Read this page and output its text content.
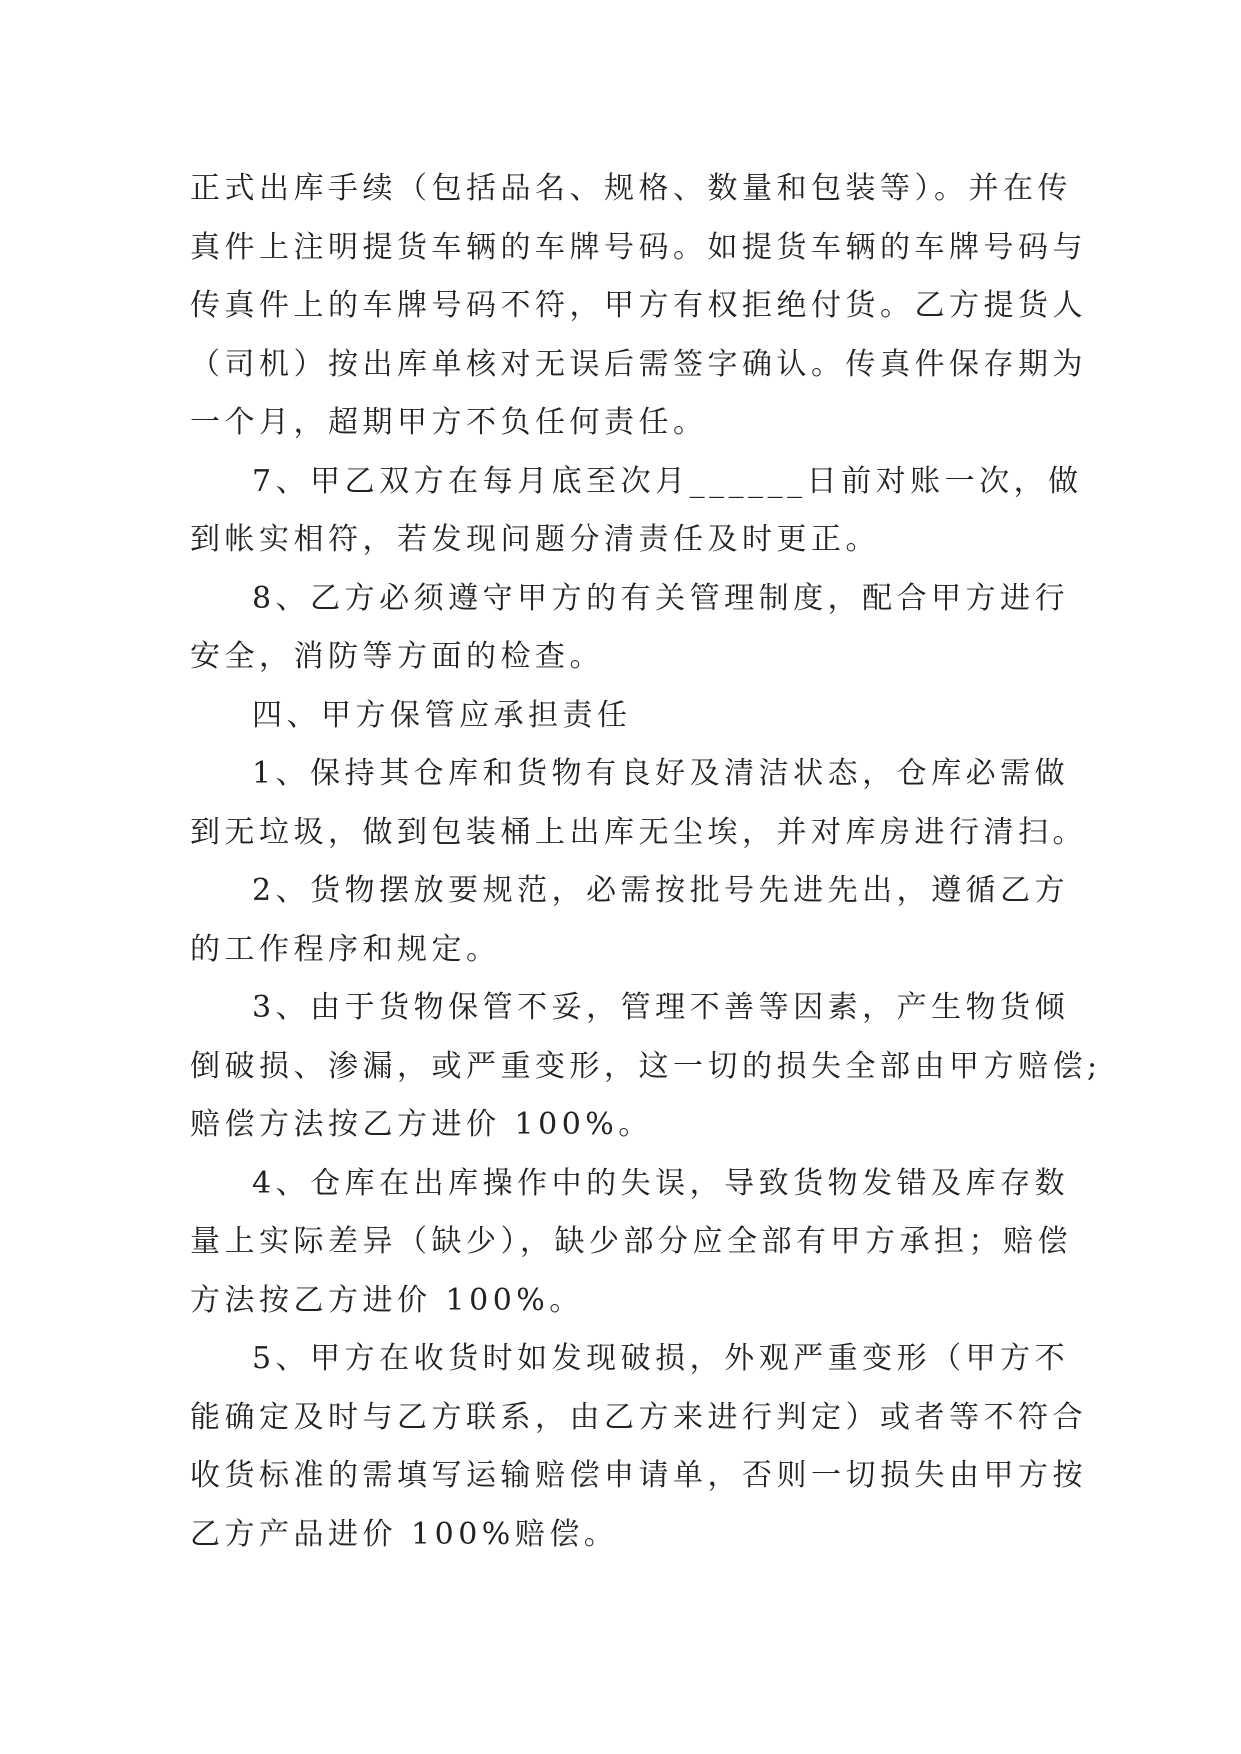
正式出库手续（包括品名、规格、数量和包装等）。并在传
真件上注明提货车辆的车牌号码。如提货车辆的车牌号码与
传真件上的车牌号码不符，甲方有权拒绝付货。乙方提货人
（司机）按出库单核对无误后需签字确认。传真件保存期为
一个月，超期甲方不负任何责任。
7、甲乙双方在每月底至次月______日前对账一次，做
到帐实相符，若发现问题分清责任及时更正。
8、乙方必须遵守甲方的有关管理制度，配合甲方进行
安全，消防等方面的检查。
四、甲方保管应承担责任
1、保持其仓库和货物有良好及清洁状态，仓库必需做
到无垃圾，做到包装桶上出库无尘埃，并对库房进行清扫。
2、货物摆放要规范，必需按批号先进先出，遵循乙方
的工作程序和规定。
3、由于货物保管不妥，管理不善等因素，产生物货倾
倒破损、渗漏，或严重变形，这一切的损失全部由甲方赔偿;
赔偿方法按乙方进价 100%。
4、仓库在出库操作中的失误，导致货物发错及库存数
量上实际差异（缺少），缺少部分应全部有甲方承担；赔偿
方法按乙方进价 100%。
5、甲方在收货时如发现破损，外观严重变形（甲方不
能确定及时与乙方联系，由乙方来进行判定）或者等不符合
收货标准的需填写运输赔偿申请单，否则一切损失由甲方按
乙方产品进价 100%赔偿。
